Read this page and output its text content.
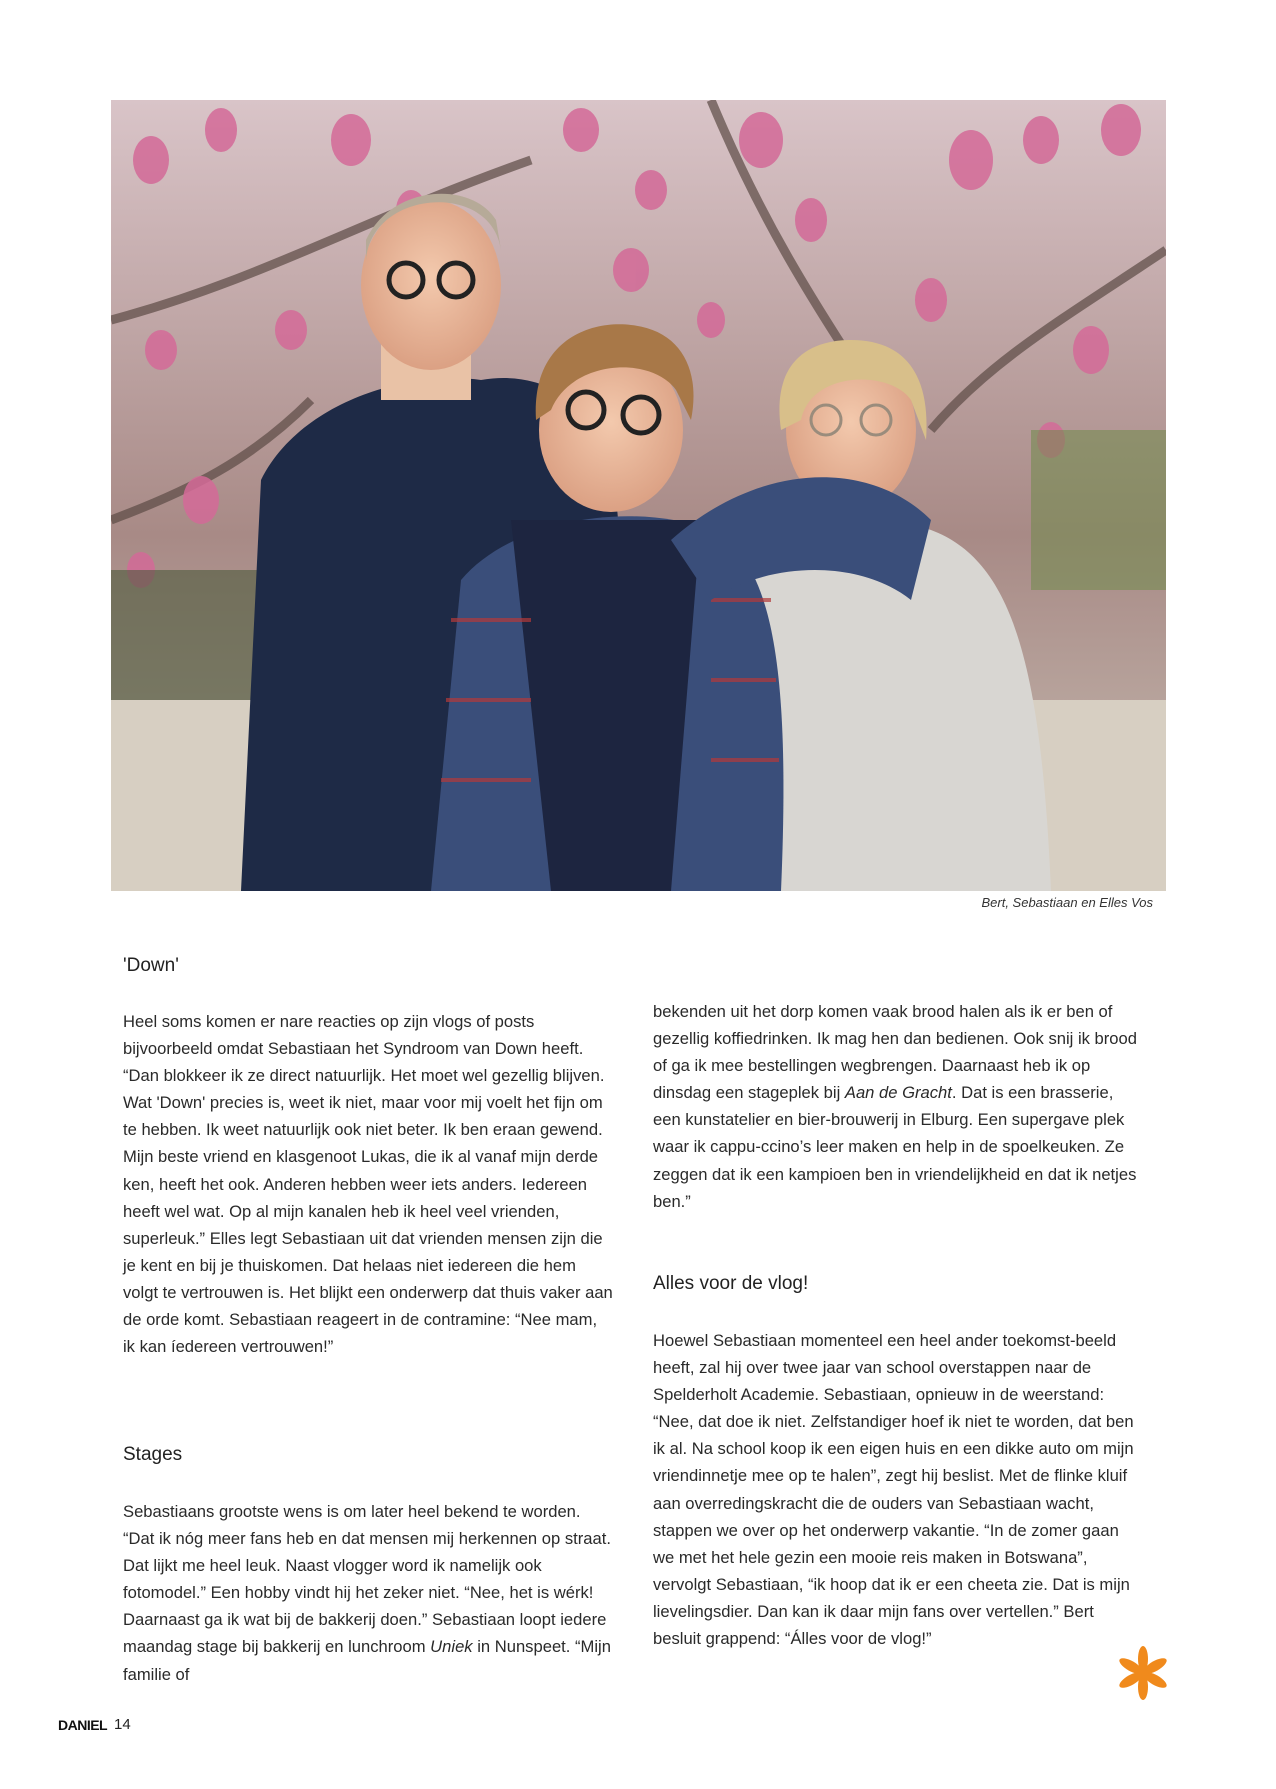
Bert, Sebastiaan en Elles Vos
'Down'

Heel soms komen er nare reacties op zijn vlogs of posts bijvoorbeeld omdat Sebastiaan het Syndroom van Down heeft. “Dan blokkeer ik ze direct natuurlijk. Het moet wel gezellig blijven. Wat 'Down' precies is, weet ik niet, maar voor mij voelt het fijn om te hebben. Ik weet natuurlijk ook niet beter. Ik ben eraan gewend. Mijn beste vriend en klasgenoot Lukas, die ik al vanaf mijn derde ken, heeft het ook. Anderen hebben weer iets anders. Iedereen heeft wel wat. Op al mijn kanalen heb ik heel veel vrienden, superleuk.” Elles legt Sebastiaan uit dat vrienden mensen zijn die je kent en bij je thuiskomen. Dat helaas niet iedereen die hem volgt te vertrouwen is. Het blijkt een onderwerp dat thuis vaker aan de orde komt. Sebastiaan reageert in de contramine: “Nee mam, ik kan íedereen vertrouwen!”

Stages

Sebastiaans grootste wens is om later heel bekend te worden. “Dat ik nóg meer fans heb en dat mensen mij herkennen op straat. Dat lijkt me heel leuk. Naast vlogger word ik namelijk ook fotomodel.” Een hobby vindt hij het zeker niet. “Nee, het is wérk! Daarnaast ga ik wat bij de bakkerij doen.” Sebastiaan loopt iedere maandag stage bij bakkerij en lunchroom Uniek in Nunspeet. “Mijn familie of

bekenden uit het dorp komen vaak brood halen als ik er ben of gezellig koffiedrinken. Ik mag hen dan bedienen. Ook snij ik brood of ga ik mee bestellingen wegbrengen. Daarnaast heb ik op dinsdag een stageplek bij Aan de Gracht. Dat is een brasserie, een kunstatelier en bier-brouwerij in Elburg. Een supergave plek waar ik cappu-ccino’s leer maken en help in de spoelkeuken. Ze zeggen dat ik een kampioen ben in vriendelijkheid en dat ik netjes ben.”

Alles voor de vlog!

Hoewel Sebastiaan momenteel een heel ander toekomst-beeld heeft, zal hij over twee jaar van school overstappen naar de Spelderholt Academie. Sebastiaan, opnieuw in de weerstand: “Nee, dat doe ik niet. Zelfstandiger hoef ik niet te worden, dat ben ik al. Na school koop ik een eigen huis en een dikke auto om mijn vriendinnetje mee op te halen”, zegt hij beslist. Met de flinke kluif aan overredingskracht die de ouders van Sebastiaan wacht, stappen we over op het onderwerp vakantie. “In de zomer gaan we met het hele gezin een mooie reis maken in Botswana”, vervolgt Sebastiaan, “ik hoop dat ik er een cheeta zie. Dat is mijn lievelingsdier. Dan kan ik daar mijn fans over vertellen.” Bert besluit grappend: “Álles voor de vlog!”

DANIEL 14
